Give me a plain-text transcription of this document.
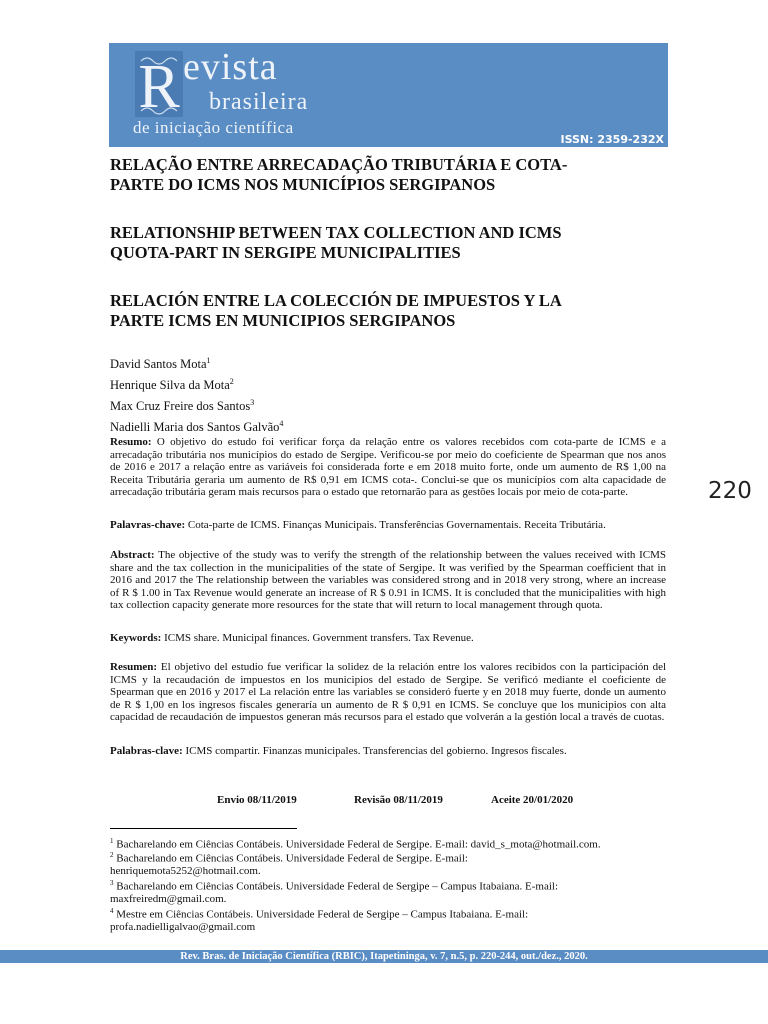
R evista
brasileira
de iniciação científica
ISSN: 2359-232X
RELAÇÃO ENTRE ARRECADAÇÃO TRIBUTÁRIA E COTA-
PARTE DO ICMS NOS MUNICÍPIOS SERGIPANOS
RELATIONSHIP BETWEEN TAX COLLECTION AND ICMS
QUOTA-PART IN SERGIPE MUNICIPALITIES
RELACIÓN ENTRE LA COLECCIÓN DE IMPUESTOS Y LA
PARTE ICMS EN MUNICIPIOS SERGIPANOS
David Santos Mota$^1$
Henrique Silva da Mota$^2$
Max Cruz Freire dos Santos$^3$
Nadielli Maria dos Santos Galvão$^4$
220

Resumo: O objetivo do estudo foi verificar força da relação entre os valores recebidos com cota-parte de ICMS e a arrecadação tributária nos municípios do estado de Sergipe. Verificou-se por meio do coeficiente de Spearman que nos anos de 2016 e 2017 a relação entre as variáveis foi considerada forte e em 2018 muito forte, onde um aumento de R$ 1,00 na Receita Tributária geraria um aumento de R$ 0,91 em ICMS cota-. Conclui-se que os municípios com alta capacidade de arrecadação tributária geram mais recursos para o estado que retornarão para as gestões locais por meio de cota-parte.

Palavras-chave: Cota-parte de ICMS. Finanças Municipais. Transferências Governamentais. Receita Tributária.

Abstract: The objective of the study was to verify the strength of the relationship between the values received with ICMS share and the tax collection in the municipalities of the state of Sergipe. It was verified by the Spearman coefficient that in 2016 and 2017 the The relationship between the variables was considered strong and in 2018 very strong, where an increase of R $ 1.00 in Tax Revenue would generate an increase of R $ 0.91 in ICMS. It is concluded that the municipalities with high tax collection capacity generate more resources for the state that will return to local management through quota.

Keywords: ICMS share. Municipal finances. Government transfers. Tax Revenue.

Resumen: El objetivo del estudio fue verificar la solidez de la relación entre los valores recibidos con la participación del ICMS y la recaudación de impuestos en los municipios del estado de Sergipe. Se verificó mediante el coeficiente de Spearman que en 2016 y 2017 el La relación entre las variables se consideró fuerte y en 2018 muy fuerte, donde un aumento de R $ 1,00 en los ingresos fiscales generaría un aumento de R $ 0,91 en ICMS. Se concluye que los municipios con alta capacidad de recaudación de impuestos generan más recursos para el estado que volverán a la gestión local a través de cuotas.

Palabras-clave: ICMS compartir. Finanzas municipales. Transferencias del gobierno. Ingresos fiscales.

Envio 08/11/2019	Revisão 08/11/2019	Aceite 20/01/2020
$^1$ Bacharelando em Ciências Contábeis. Universidade Federal de Sergipe. E-mail: david_s_mota@hotmail.com.
$^2$ Bacharelando em Ciências Contábeis. Universidade Federal de Sergipe. E-mail:
henriquemota5252@hotmail.com.
$^3$ Bacharelando em Ciências Contábeis. Universidade Federal de Sergipe – Campus Itabaiana. E-mail:
maxfreiredm@gmail.com.
$^4$ Mestre em Ciências Contábeis. Universidade Federal de Sergipe – Campus Itabaiana. E-mail:
profa.nadielligalvao@gmail.com
Rev. Bras. de Iniciação Científica (RBIC), Itapetininga, v. 7, n.5, p. 220-244, out./dez., 2020.
